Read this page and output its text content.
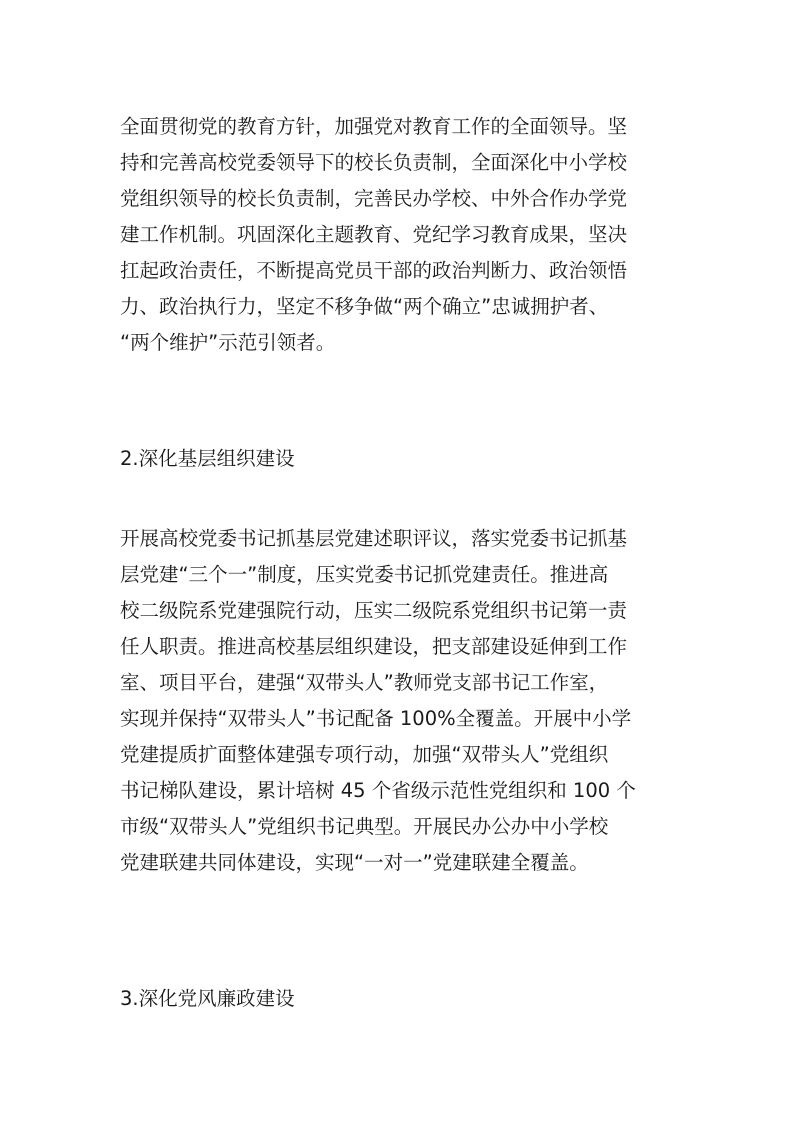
全面贯彻党的教育方针，加强党对教育工作的全面领导。坚
持和完善高校党委领导下的校长负责制，全面深化中小学校
党组织领导的校长负责制，完善民办学校、中外合作办学党
建工作机制。巩固深化主题教育、党纪学习教育成果，坚决
扛起政治责任，不断提高党员干部的政治判断力、政治领悟
力、政治执行力，坚定不移争做“两个确立”忠诚拥护者、
“两个维护”示范引领者。
2.深化基层组织建设
开展高校党委书记抓基层党建述职评议，落实党委书记抓基
层党建“三个一”制度，压实党委书记抓党建责任。推进高
校二级院系党建强院行动，压实二级院系党组织书记第一责
任人职责。推进高校基层组织建设，把支部建设延伸到工作
室、项目平台，建强“双带头人”教师党支部书记工作室，
实现并保持“双带头人”书记配备 100%全覆盖。开展中小学
党建提质扩面整体建强专项行动，加强“双带头人”党组织
书记梯队建设，累计培树 45 个省级示范性党组织和 100 个
市级“双带头人”党组织书记典型。开展民办公办中小学校
党建联建共同体建设，实现“一对一”党建联建全覆盖。
3.深化党风廉政建设
